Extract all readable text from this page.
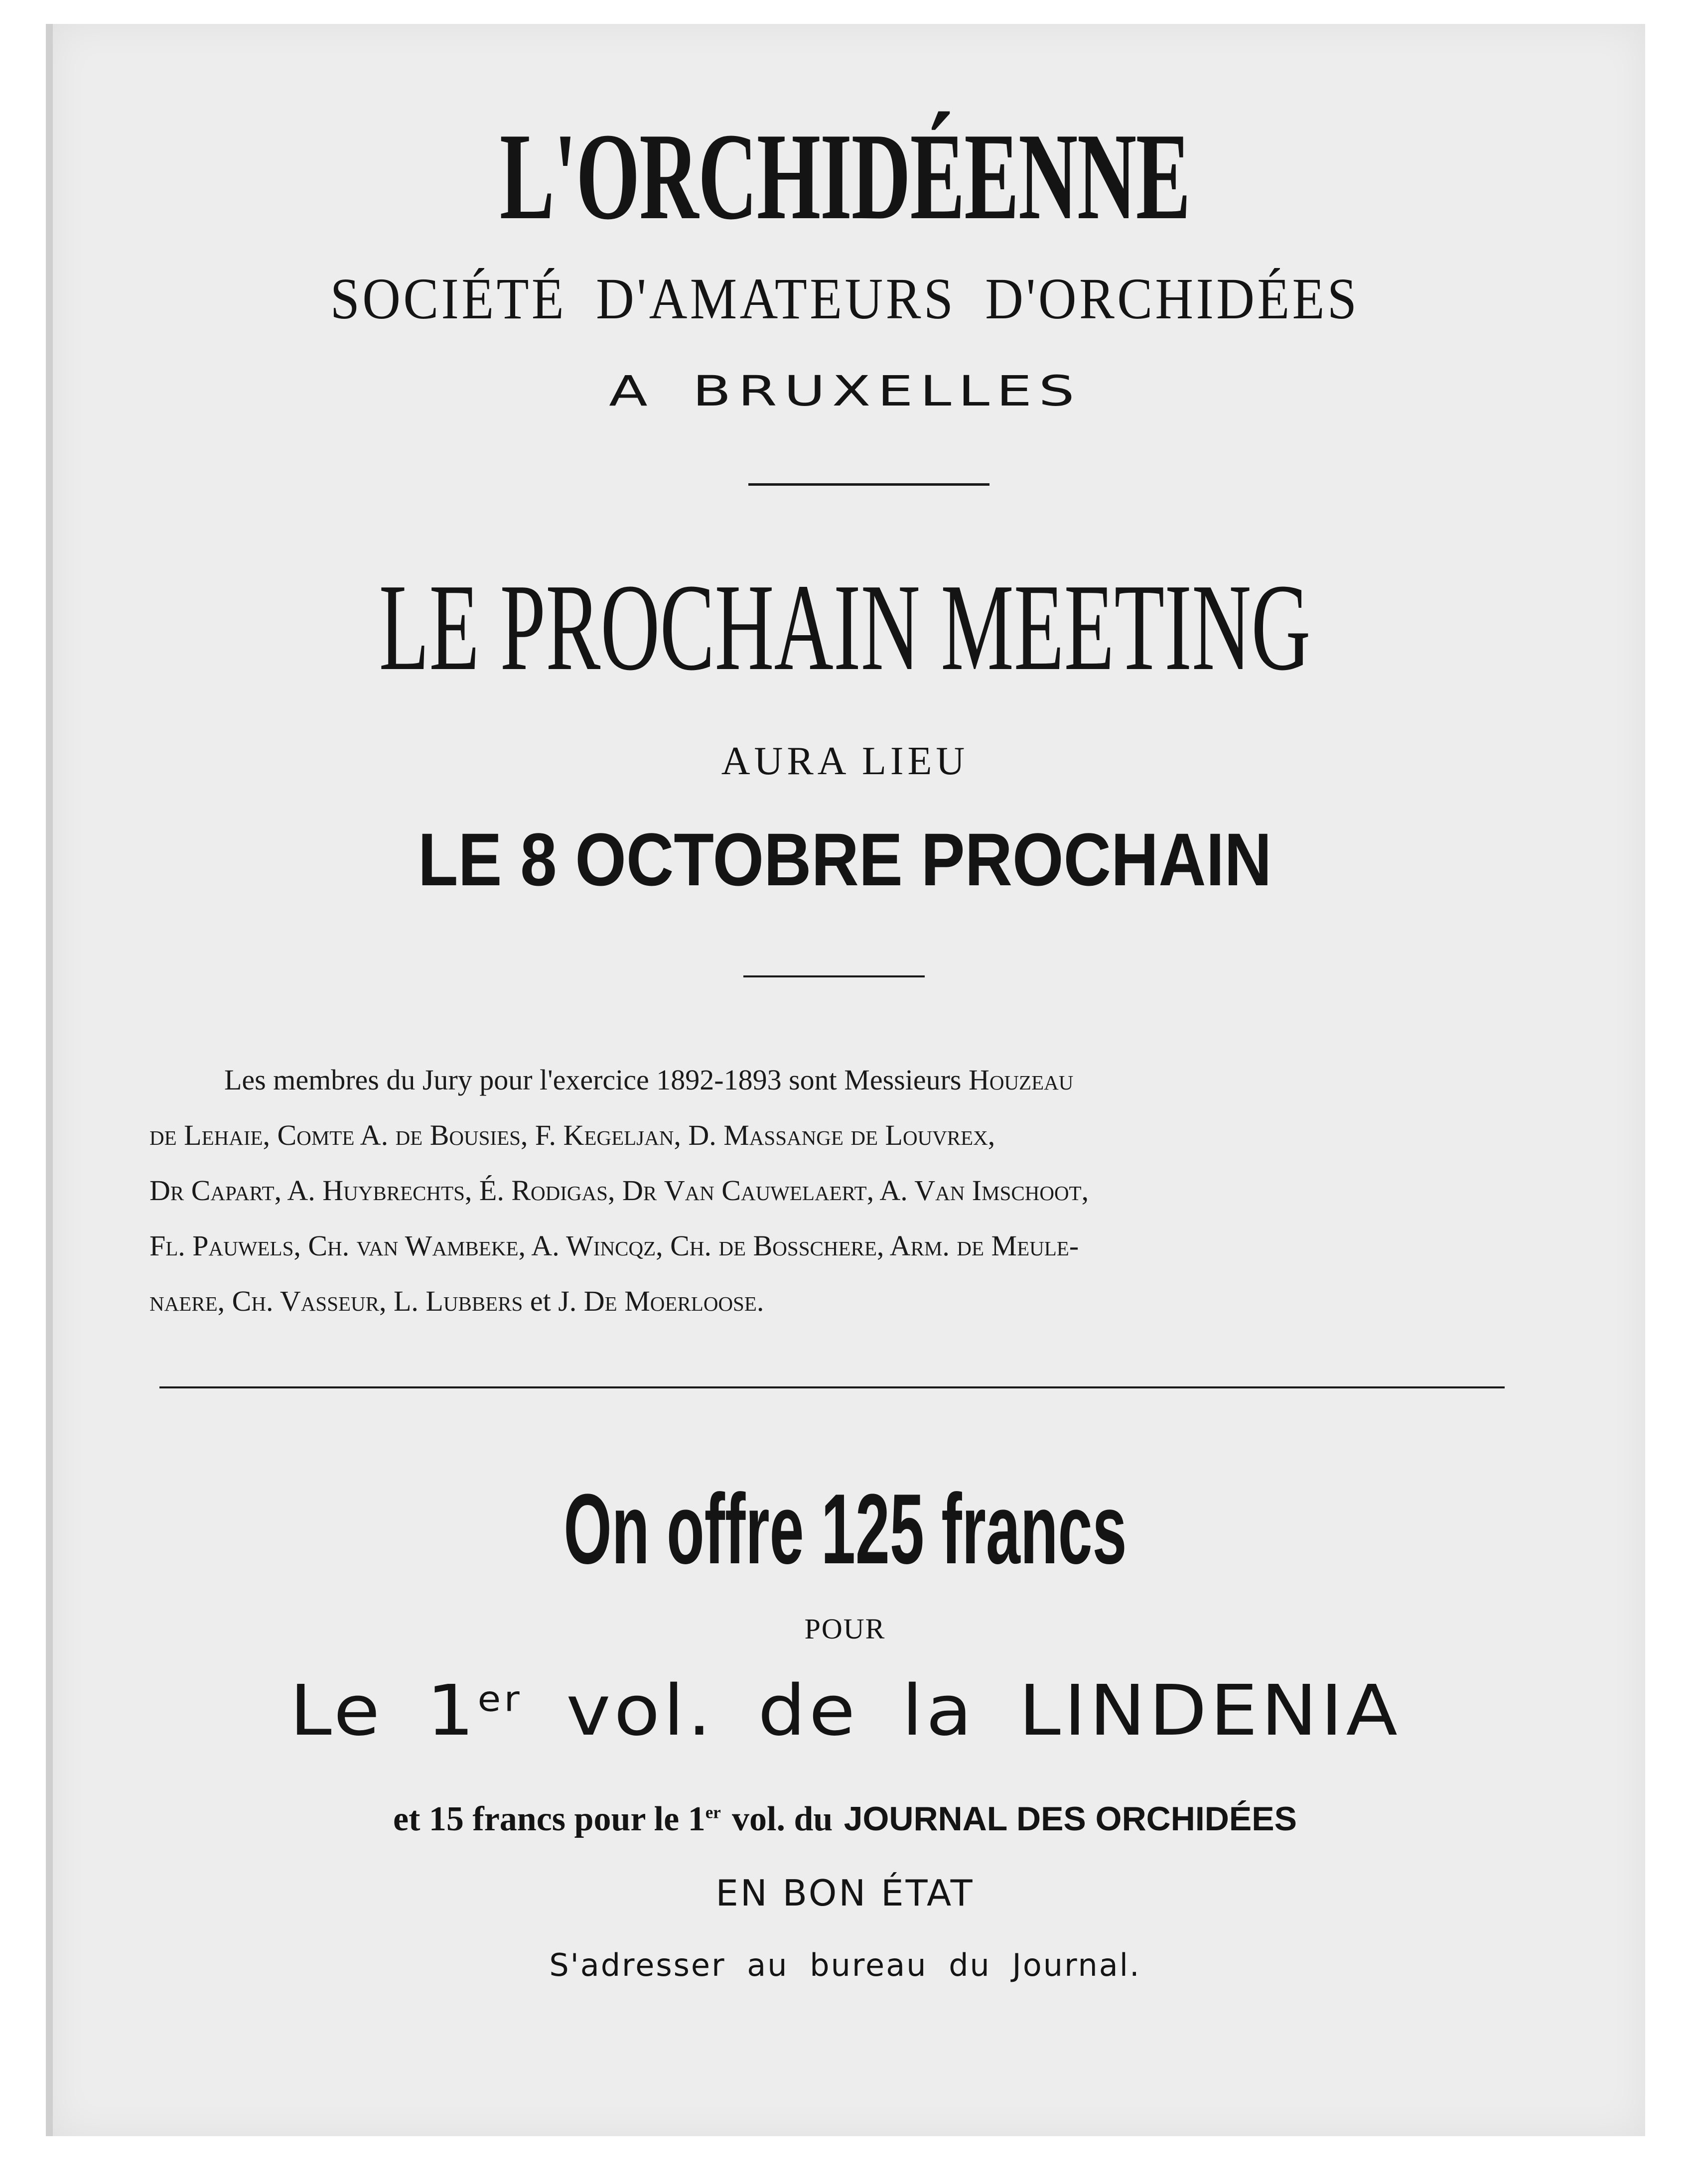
L'ORCHIDÉENNE
SOCIÉTÉ D'AMATEURS D'ORCHIDÉES
A BRUXELLES
LE PROCHAIN MEETING
AURA LIEU
LE 8 OCTOBRE PROCHAIN
Les membres du Jury pour l'exercice 1892-1893 sont Messieurs Houzeau
de Lehaie, Comte A. de Bousies, F. Kegeljan, D. Massange de Louvrex,
Dr Capart, A. Huybrechts, É. Rodigas, Dr Van Cauwelaert, A. Van Imschoot,
Fl. Pauwels, Ch. van Wambeke, A. Wincqz, Ch. de Bosschere, Arm. de Meule-
naere, Ch. Vasseur, L. Lubbers et J. De Moerloose.
On offre 125 francs
POUR
Le 1er vol. de la LINDENIA
et 15 francs pour le 1er vol. du JOURNAL DES ORCHIDÉES
EN BON ÉTAT
S'adresser au bureau du Journal.
